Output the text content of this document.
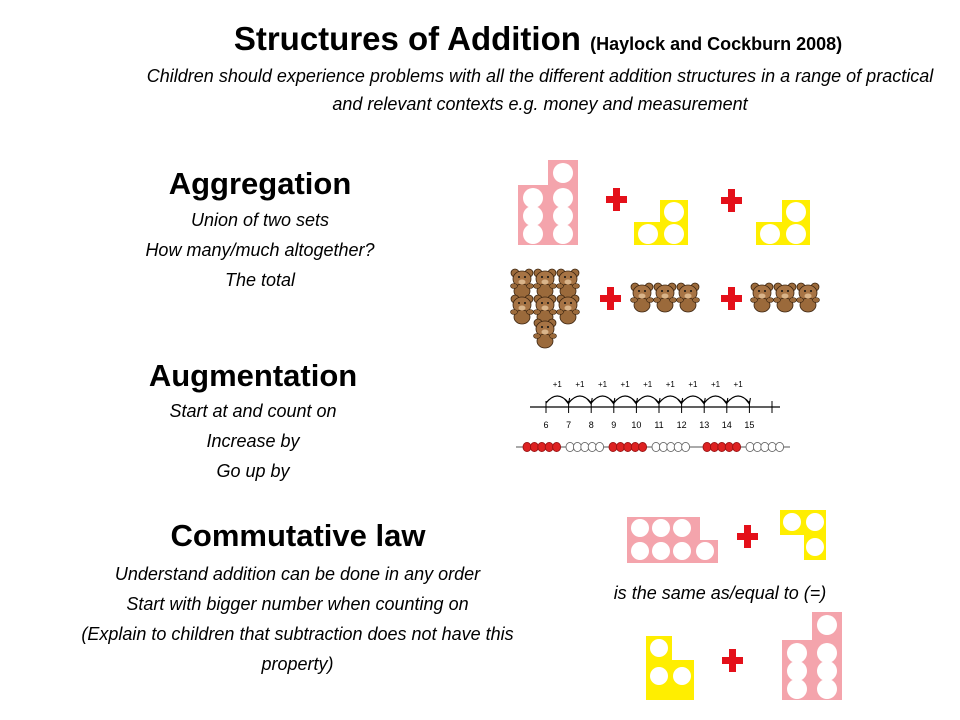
Structures of Addition (Haylock and Cockburn 2008)
Children should experience problems with all the different addition structures in a range of practical and relevant contexts e.g. money and measurement
Aggregation
Union of two sets
How many/much altogether?
The total
Augmentation
Start at and count on
Increase by
Go up by
Commutative law
Understand addition can be done in any order
Start with bigger number when counting on
(Explain to children that subtraction does not have this
property)
is the same as/equal to (=)
+1 +1 +1 +1 +1 +1 +1 +1 +1
6 7 8 9 10 11 12 13 14 15
